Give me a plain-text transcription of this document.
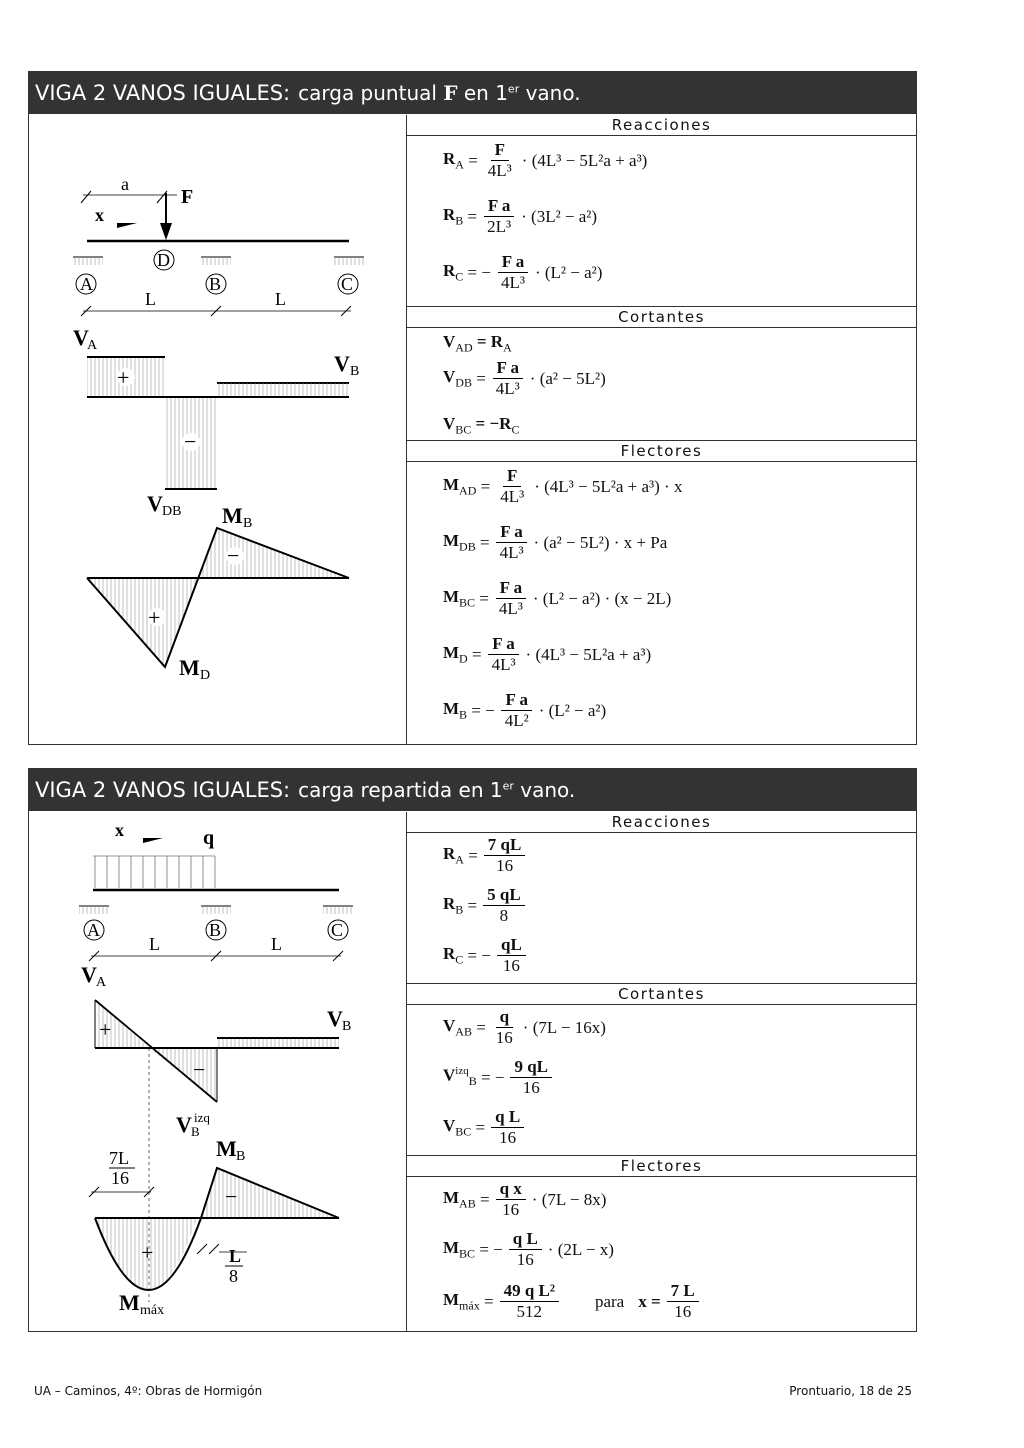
VIGA 2 VANOS IGUALES: carga puntual F en 1er vano.
a
F
x
A
D
B	C
L	L
V
A
V B
+
−
V DB M B
M D
−
+
Reacciones
$R_A = \frac{F}{\text{4L³}} \cdot (4L^3 - 5L^2a + a^3)$
$R_B = \frac{\text{F a}}{\text{2L³}} \cdot (3L^2 - a^2)$
$R_C$
= − $\frac{\text{F a}}{\text{4L³}} \cdot (L^2 - a^2)$
Cortantes
$V_{AD}$
= $R_A$
$V_{DB} = \frac{\text{F a}}{\text{4L³}} \cdot (a^2 - 5L^2)$
$V_{BC}$
= $-R_C$
Flectores
$M_{AD} = \frac{F}{\text{4L³}} \cdot (4L^3 - 5L^2a + a^3) \cdot x$
$M_{DB} = \frac{\text{F a}}{\text{4L³}} \cdot (a^2 - 5L^2) \cdot x + Pa$
$M_{BC} = \frac{\text{F a}}{\text{4L³}} \cdot (L^2 - a^2) \cdot (x - 2L)$
$M_D = \frac{\text{F a}}{\text{4L³}} \cdot (4L^3 - 5L^2a + a^3)$
$M_B$
= − $\frac{\text{F a}}{\text{4L²}} \cdot (L^2 - a^2)$
VIGA 2 VANOS IGUALES: carga repartida en 1er vano.
x	q
A	B	C
L	L
V A
V B
+
−
V B
izq
7L
16
M B
−
+	L
8
M máx
Reacciones
$R_A = \frac{7 qL}{16}$
$R_B = \frac{5 qL}{8}$
$R_C$
= − $\frac{qL}{16}$
Cortantes
$V_{AB} = \frac{q}{16} \cdot (7L - 16x)$
$V^{izq}_B$
= − $\frac{9 qL}{16}$
$V_{BC} = \frac{\text{q L}}{16}$
Flectores
$M_{AB} = \frac{\text{q x}}{16} \cdot (7L - 8x)$
$M_{BC}$
= − $\frac{\text{q L}}{16} \cdot (2L - x)$
$M_{máx} = \frac{\text{49 q L²}}{512}$ para $x = \frac{7 L}{16}$
UA – Caminos, 4º: Obras de Hormigón	Prontuario, 18 de 25
